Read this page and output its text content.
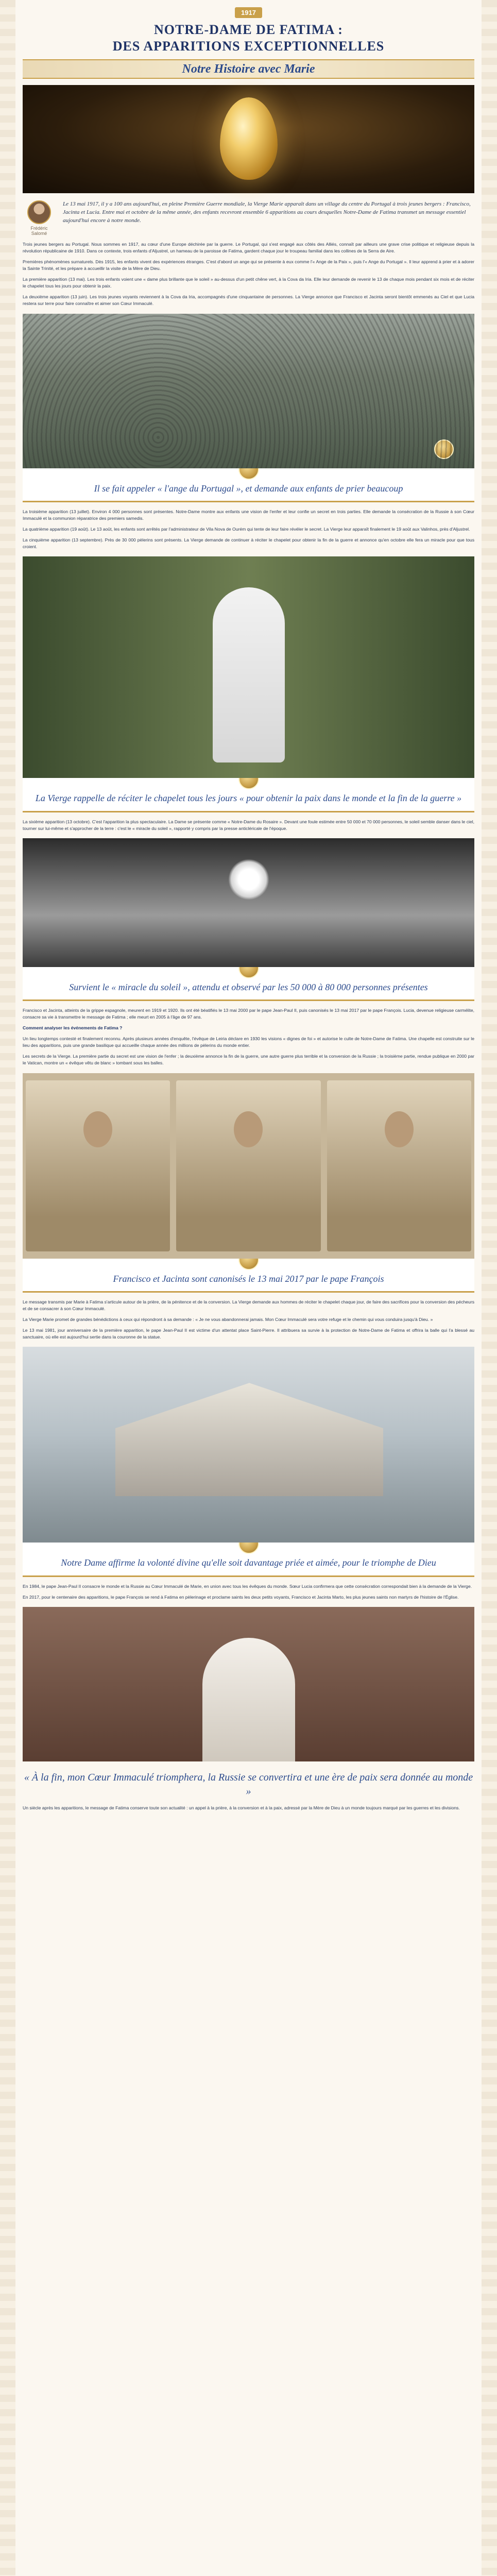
1917
NOTRE-DAME DE FATIMA :
DES APPARITIONS EXCEPTIONNELLES
Notre Histoire avec Marie
Frédéric Salomé

Le 13 mai 1917, il y a 100 ans aujourd'hui, en pleine Première Guerre mondiale, la Vierge Marie apparaît dans un village du centre du Portugal à trois jeunes bergers : Francisco, Jacinta et Lucia. Entre mai et octobre de la même année, des enfants recevront ensemble 6 apparitions au cours desquelles Notre-Dame de Fatima transmet un message essentiel aujourd'hui encore à notre monde.

Trois jeunes bergers au Portugal. Nous sommes en 1917, au cœur d'une Europe déchirée par la guerre. Le Portugal, qui s'est engagé aux côtés des Alliés, connaît par ailleurs une grave crise politique et religieuse depuis la révolution républicaine de 1910. Dans ce contexte, trois enfants d'Aljustrel, un hameau de la paroisse de Fatima, gardent chaque jour le troupeau familial dans les collines de la Serra de Aire.

Premières phénomènes surnaturels. Dès 1915, les enfants vivent des expériences étranges. C'est d'abord un ange qui se présente à eux comme l'« Ange de la Paix », puis l'« Ange du Portugal ». Il leur apprend à prier et à adorer la Sainte Trinité, et les prépare à accueillir la visite de la Mère de Dieu.

La première apparition (13 mai). Les trois enfants voient une « dame plus brillante que le soleil » au-dessus d'un petit chêne vert, à la Cova da Iria. Elle leur demande de revenir le 13 de chaque mois pendant six mois et de réciter le chapelet tous les jours pour obtenir la paix.

La deuxième apparition (13 juin). Les trois jeunes voyants reviennent à la Cova da Iria, accompagnés d'une cinquantaine de personnes. La Vierge annonce que Francisco et Jacinta seront bientôt emmenés au Ciel et que Lucia restera sur terre pour faire connaître et aimer son Cœur Immaculé.

Il se fait appeler « l'ange du Portugal », et demande aux enfants de prier beaucoup

La troisième apparition (13 juillet). Environ 4 000 personnes sont présentes. Notre-Dame montre aux enfants une vision de l'enfer et leur confie un secret en trois parties. Elle demande la consécration de la Russie à son Cœur Immaculé et la communion réparatrice des premiers samedis.

La quatrième apparition (19 août). Le 13 août, les enfants sont arrêtés par l'administrateur de Vila Nova de Ourém qui tente de leur faire révéler le secret. La Vierge leur apparaît finalement le 19 août aux Valinhos, près d'Aljustrel.

La cinquième apparition (13 septembre). Près de 30 000 pèlerins sont présents. La Vierge demande de continuer à réciter le chapelet pour obtenir la fin de la guerre et annonce qu'en octobre elle fera un miracle pour que tous croient.

La Vierge rappelle de réciter le chapelet tous les jours « pour obtenir la paix dans le monde et la fin de la guerre »

La sixième apparition (13 octobre). C'est l'apparition la plus spectaculaire. La Dame se présente comme « Notre-Dame du Rosaire ». Devant une foule estimée entre 50 000 et 70 000 personnes, le soleil semble danser dans le ciel, tourner sur lui-même et s'approcher de la terre : c'est le « miracle du soleil », rapporté y compris par la presse anticléricale de l'époque.

Survient le « miracle du soleil », attendu et observé par les 50 000 à 80 000 personnes présentes

Francisco et Jacinta, atteints de la grippe espagnole, meurent en 1919 et 1920. Ils ont été béatifiés le 13 mai 2000 par le pape Jean-Paul II, puis canonisés le 13 mai 2017 par le pape François. Lucia, devenue religieuse carmélite, consacre sa vie à transmettre le message de Fatima ; elle meurt en 2005 à l'âge de 97 ans.

Comment analyser les événements de Fatima ?

Un lieu longtemps contesté et finalement reconnu. Après plusieurs années d'enquête, l'évêque de Leiria déclare en 1930 les visions « dignes de foi » et autorise le culte de Notre-Dame de Fatima. Une chapelle est construite sur le lieu des apparitions, puis une grande basilique qui accueille chaque année des millions de pèlerins du monde entier.

Les secrets de la Vierge. La première partie du secret est une vision de l'enfer ; la deuxième annonce la fin de la guerre, une autre guerre plus terrible et la conversion de la Russie ; la troisième partie, rendue publique en 2000 par le Vatican, montre un « évêque vêtu de blanc » tombant sous les balles.

Francisco et Jacinta sont canonisés le 13 mai 2017 par le pape François

Le message transmis par Marie à Fatima s'articule autour de la prière, de la pénitence et de la conversion. La Vierge demande aux hommes de réciter le chapelet chaque jour, de faire des sacrifices pour la conversion des pécheurs et de se consacrer à son Cœur Immaculé.

La Vierge Marie promet de grandes bénédictions à ceux qui répondront à sa demande : « Je ne vous abandonnerai jamais. Mon Cœur Immaculé sera votre refuge et le chemin qui vous conduira jusqu'à Dieu. »

Le 13 mai 1981, jour anniversaire de la première apparition, le pape Jean-Paul II est victime d'un attentat place Saint-Pierre. Il attribuera sa survie à la protection de Notre-Dame de Fatima et offrira la balle qui l'a blessé au sanctuaire, où elle est aujourd'hui sertie dans la couronne de la statue.

Notre Dame affirme la volonté divine qu'elle soit davantage priée et aimée, pour le triomphe de Dieu

En 1984, le pape Jean-Paul II consacre le monde et la Russie au Cœur Immaculé de Marie, en union avec tous les évêques du monde. Sœur Lucia confirmera que cette consécration correspondait bien à la demande de la Vierge.

En 2017, pour le centenaire des apparitions, le pape François se rend à Fatima en pèlerinage et proclame saints les deux petits voyants, Francisco et Jacinta Marto, les plus jeunes saints non martyrs de l'histoire de l'Église.

« À la fin, mon Cœur Immaculé triomphera, la Russie se convertira et une ère de paix sera donnée au monde »

Un siècle après les apparitions, le message de Fatima conserve toute son actualité : un appel à la prière, à la conversion et à la paix, adressé par la Mère de Dieu à un monde toujours marqué par les guerres et les divisions.
